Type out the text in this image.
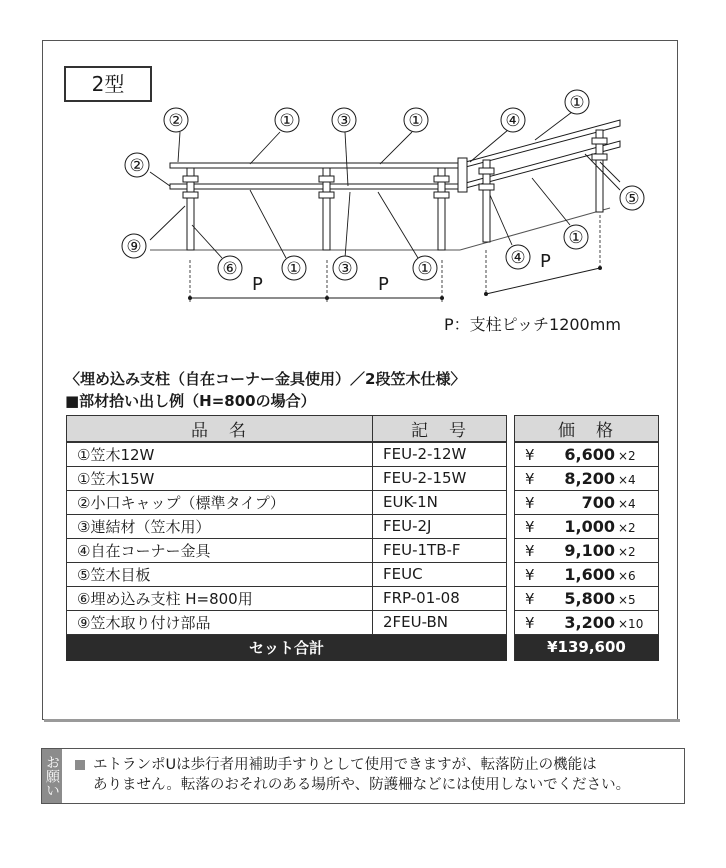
2型
②	① ③	①	④
①
②
⑤
⑨
⑥	① ③	①
④
①
P	P
P
P：支柱ピッチ1200mm
〈埋め込み支柱（自在コーナー金具使用）／2段笠木仕様〉
■部材拾い出し例（H=800の場合）
品　名	記　号		価　格
①笠木12W	FEU-2-12W		¥ 6,600 ×2

①笠木15W	FEU-2-15W		¥ 8,200 ×4

②小口キャップ（標準タイプ）	EUK-1N		¥ 700 ×4

③連結材（笠木用）	FEU-2J		¥ 1,000 ×2

④自在コーナー金具	FEU-1TB-F		¥ 9,100 ×2

⑤笠木目板	FEUC		¥ 1,600 ×6

⑥埋め込み支柱 H=800用	FRP-01-08		¥ 5,800 ×5

⑨笠木取り付け部品	2FEU-BN		¥ 3,200 ×10

セット合計			¥139,600
お願い エトランポUは歩行者用補助手すりとして使用できますが、転落防止の機能は
ありません。転落のおそれのある場所や、防護柵などには使用しないでください。
